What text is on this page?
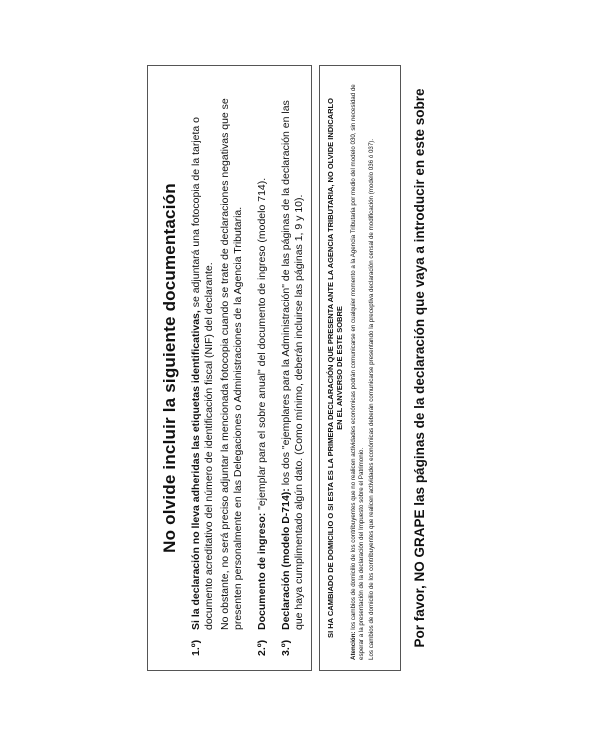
No olvide incluir la siguiente documentación
1.º)

Si la declaración no lleva adheridas las etiquetas identificativas, se adjuntará una fotocopia de la tarjeta o documento acreditativo del número de identificación fiscal (NIF) del declarante. No obstante, no será preciso adjuntar la mencionada fotocopia cuando se trate de declaraciones negativas que se presenten personalmente en las Delegaciones o Administraciones de la Agencia Tributaria.

2.º)

Documento de ingreso: "ejemplar para el sobre anual" del documento de ingreso (modelo 714).

3.º)

Declaración (modelo D-714): los dos "ejemplares para la Administración" de las páginas de la declaración en las que haya cumplimentado algún dato. (Como mínimo, deberán incluirse las páginas 1, 9 y 10).	SI HA CAMBIADO DE DOMICILIO O SI ESTA ES LA PRIMERA DECLARACIÓN QUE PRESENTA ANTE LA AGENCIA TRIBUTARIA, NO OLVIDE INDICARLO EN EL ANVERSO DE ESTE SOBRE

Atención: los cambios de domicilio de los contribuyentes que no realicen actividades económicas podrán comunicarse en cualquier momento a la Agencia Tributaria por medio del modelo 030, sin necesidad de esperar a la presentación de la declaración del Impuesto sobre el Patrimonio. Los cambios de domicilio de los contribuyentes que realicen actividades económicas deberán comunicarse presentando la preceptiva declaración censal de modificación (modelo 036 ó 037).	Por favor, NO GRAPE las páginas de la declaración que vaya a introducir en este sobre
